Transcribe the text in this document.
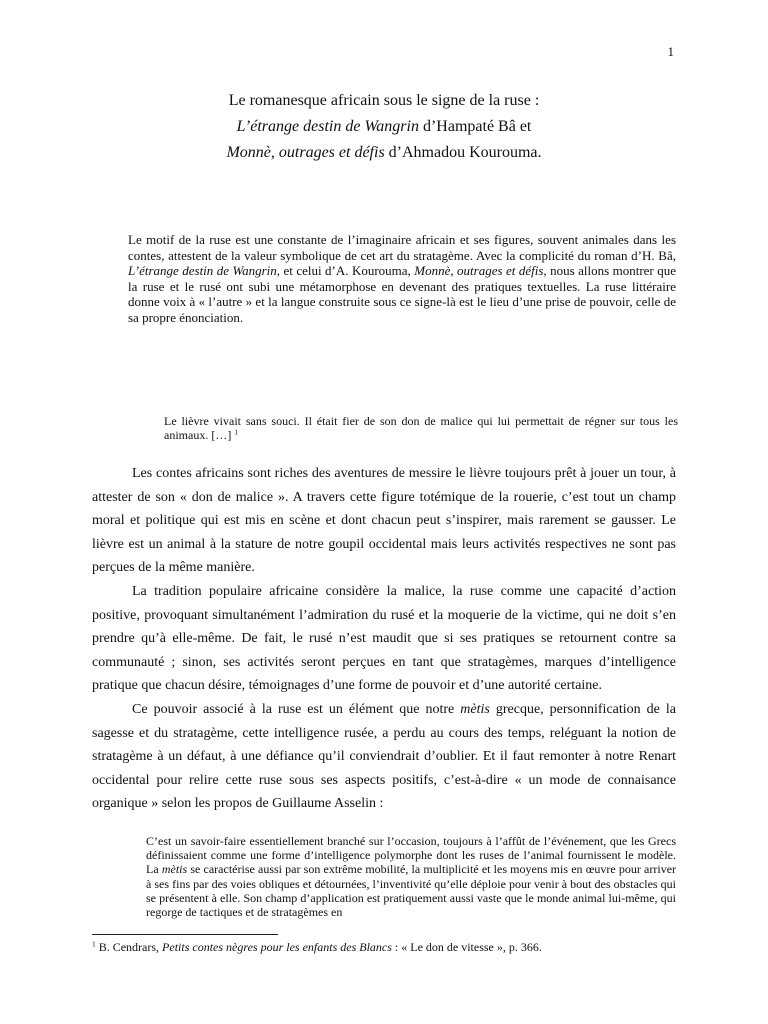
1
Le romanesque africain sous le signe de la ruse :
L’étrange destin de Wangrin d’Hampaté Bâ et
Monnè, outrages et défis d’Ahmadou Kourouma.
Le motif de la ruse est une constante de l’imaginaire africain et ses figures, souvent animales dans les contes, attestent de la valeur symbolique de cet art du stratagème. Avec la complicité du roman d’H. Bâ, L’étrange destin de Wangrin, et celui d’A. Kourouma, Monnè, outrages et défis, nous allons montrer que la ruse et le rusé ont subi une métamorphose en devenant des pratiques textuelles. La ruse littéraire donne voix à « l’autre » et la langue construite sous ce signe-là est le lieu d’une prise de pouvoir, celle de sa propre énonciation.
Le lièvre vivait sans souci. Il était fier de son don de malice qui lui permettait de régner sur tous les animaux. […] $^1$

Les contes africains sont riches des aventures de messire le lièvre toujours prêt à jouer un tour, à attester de son « don de malice ». A travers cette figure totémique de la rouerie, c’est tout un champ moral et politique qui est mis en scène et dont chacun peut s’inspirer, mais rarement se gausser. Le lièvre est un animal à la stature de notre goupil occidental mais leurs activités respectives ne sont pas perçues de la même manière.

La tradition populaire africaine considère la malice, la ruse comme une capacité d’action positive, provoquant simultanément l’admiration du rusé et la moquerie de la victime, qui ne doit s’en prendre qu’à elle-même. De fait, le rusé n’est maudit que si ses pratiques se retournent contre sa communauté ; sinon, ses activités seront perçues en tant que stratagèmes, marques d’intelligence pratique que chacun désire, témoignages d’une forme de pouvoir et d’une autorité certaine.

Ce pouvoir associé à la ruse est un élément que notre mètis grecque, personnification de la sagesse et du stratagème, cette intelligence rusée, a perdu au cours des temps, reléguant la notion de stratagème à un défaut, à une défiance qu’il conviendrait d’oublier. Et il faut remonter à notre Renart occidental pour relire cette ruse sous ses aspects positifs, c’est-à-dire « un mode de connaisance organique » selon les propos de Guillaume Asselin :

C’est un savoir-faire essentiellement branché sur l’occasion, toujours à l’affût de l’événement, que les Grecs définissaient comme une forme d’intelligence polymorphe dont les ruses de l’animal fournissent le modèle. La mètis se caractérise aussi par son extrême mobilité, la multiplicité et les moyens mis en œuvre pour arriver à ses fins par des voies obliques et détournées, l’inventivité qu’elle déploie pour venir à bout des obstacles qui se présentent à elle. Son champ d’application est pratiquement aussi vaste que le monde animal lui-même, qui regorge de tactiques et de stratagèmes en
$^1$ B. Cendrars, Petits contes nègres pour les enfants des Blancs : « Le don de vitesse », p. 366.
